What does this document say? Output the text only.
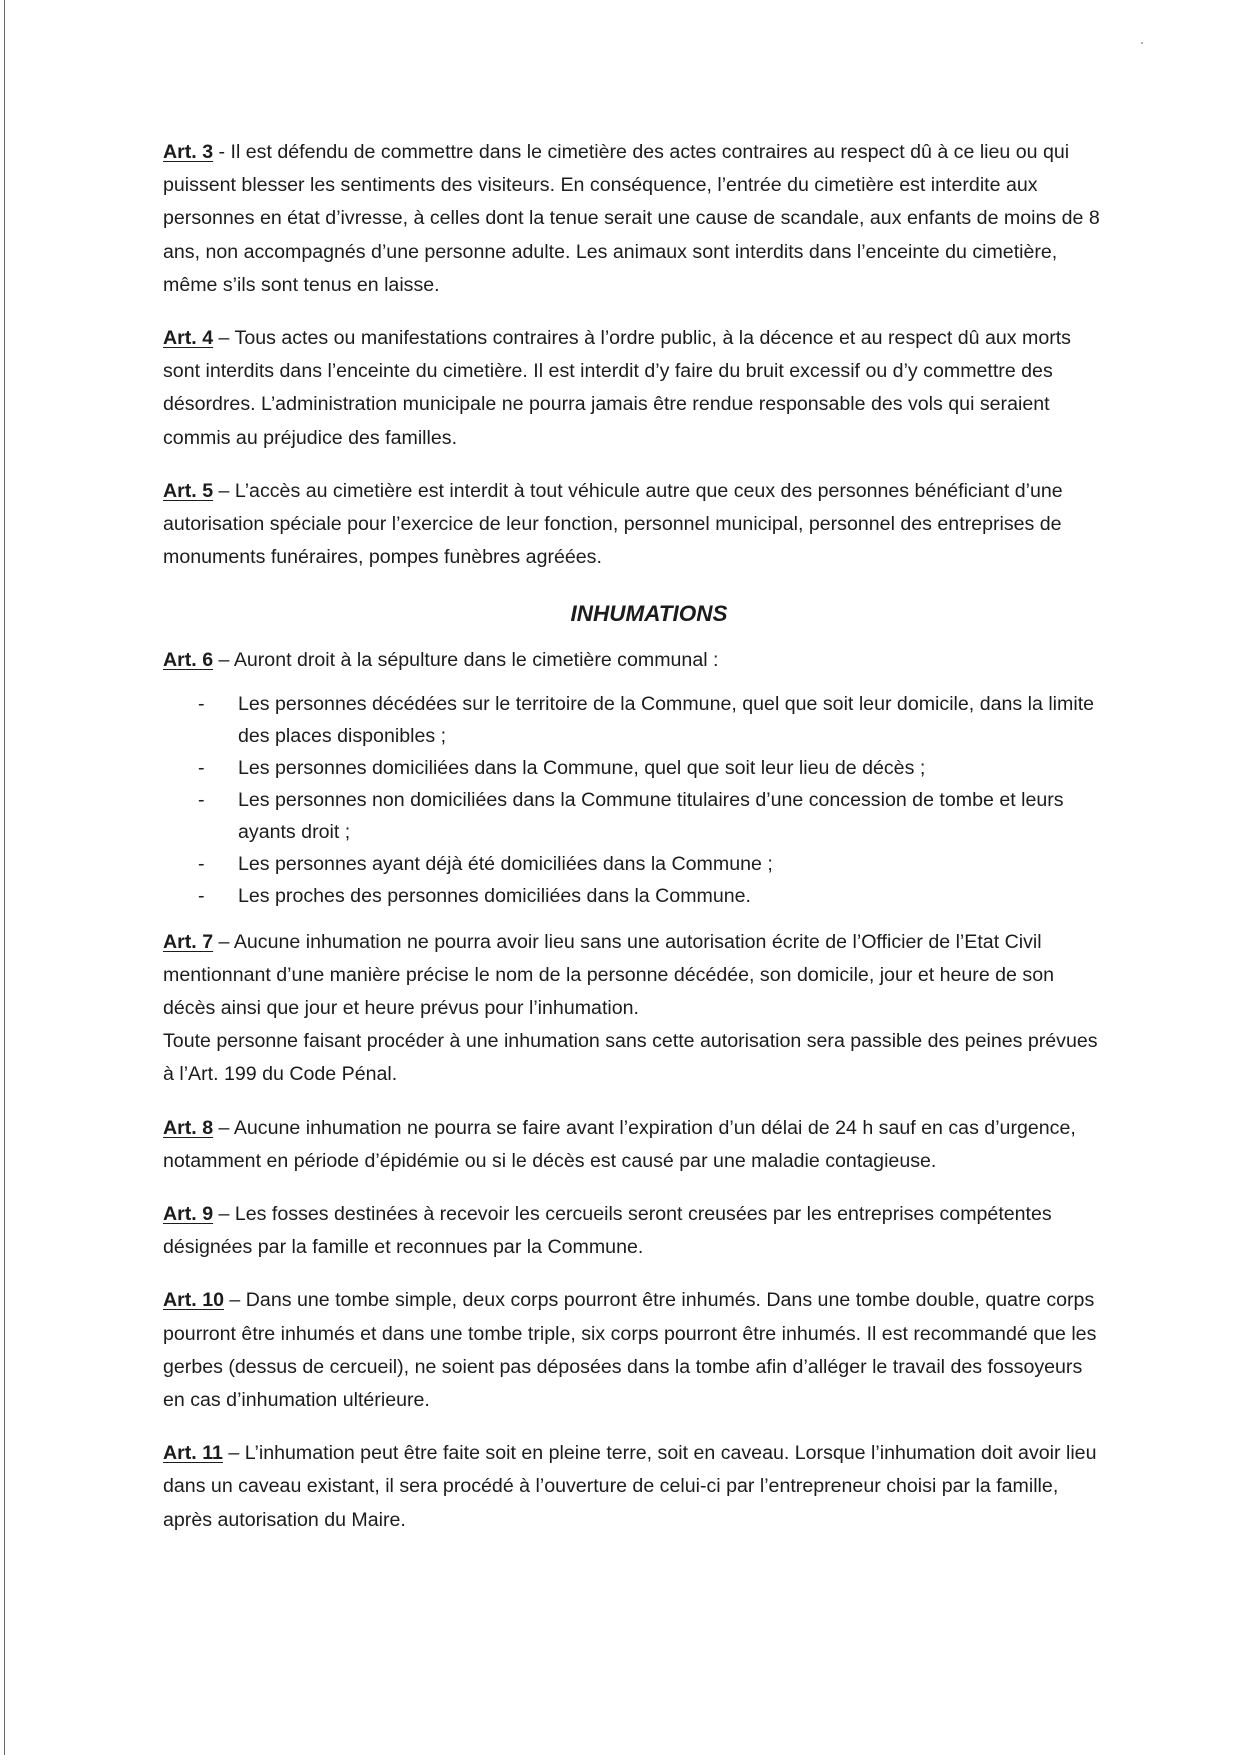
Art. 3 - Il est défendu de commettre dans le cimetière des actes contraires au respect dû à ce lieu ou qui puissent blesser les sentiments des visiteurs. En conséquence, l’entrée du cimetière est interdite aux personnes en état d’ivresse, à celles dont la tenue serait une cause de scandale, aux enfants de moins de 8 ans, non accompagnés d’une personne adulte. Les animaux sont interdits dans l’enceinte du cimetière, même s’ils sont tenus en laisse.

Art. 4 – Tous actes ou manifestations contraires à l’ordre public, à la décence et au respect dû aux morts sont interdits dans l’enceinte du cimetière. Il est interdit d’y faire du bruit excessif ou d’y commettre des désordres. L’administration municipale ne pourra jamais être rendue responsable des vols qui seraient commis au préjudice des familles.

Art. 5 – L’accès au cimetière est interdit à tout véhicule autre que ceux des personnes bénéficiant d’une autorisation spéciale pour l’exercice de leur fonction, personnel municipal, personnel des entreprises de monuments funéraires, pompes funèbres agréées.

INHUMATIONS

Art. 6 – Auront droit à la sépulture dans le cimetière communal :

- Les personnes décédées sur le territoire de la Commune, quel que soit leur domicile, dans la limite des places disponibles ;
- Les personnes domiciliées dans la Commune, quel que soit leur lieu de décès ;
- Les personnes non domiciliées dans la Commune titulaires d’une concession de tombe et leurs ayants droit ;
- Les personnes ayant déjà été domiciliées dans la Commune ;
- Les proches des personnes domiciliées dans la Commune.

Art. 7 – Aucune inhumation ne pourra avoir lieu sans une autorisation écrite de l’Officier de l’Etat Civil mentionnant d’une manière précise le nom de la personne décédée, son domicile, jour et heure de son décès ainsi que jour et heure prévus pour l’inhumation.
Toute personne faisant procéder à une inhumation sans cette autorisation sera passible des peines prévues à l’Art. 199 du Code Pénal.

Art. 8 – Aucune inhumation ne pourra se faire avant l’expiration d’un délai de 24 h sauf en cas d’urgence, notamment en période d’épidémie ou si le décès est causé par une maladie contagieuse.

Art. 9 – Les fosses destinées à recevoir les cercueils seront creusées par les entreprises compétentes désignées par la famille et reconnues par la Commune.

Art. 10 – Dans une tombe simple, deux corps pourront être inhumés. Dans une tombe double, quatre corps pourront être inhumés et dans une tombe triple, six corps pourront être inhumés. Il est recommandé que les gerbes (dessus de cercueil), ne soient pas déposées dans la tombe afin d’alléger le travail des fossoyeurs en cas d’inhumation ultérieure.

Art. 11 – L’inhumation peut être faite soit en pleine terre, soit en caveau. Lorsque l’inhumation doit avoir lieu dans un caveau existant, il sera procédé à l’ouverture de celui-ci par l’entrepreneur choisi par la famille, après autorisation du Maire.
